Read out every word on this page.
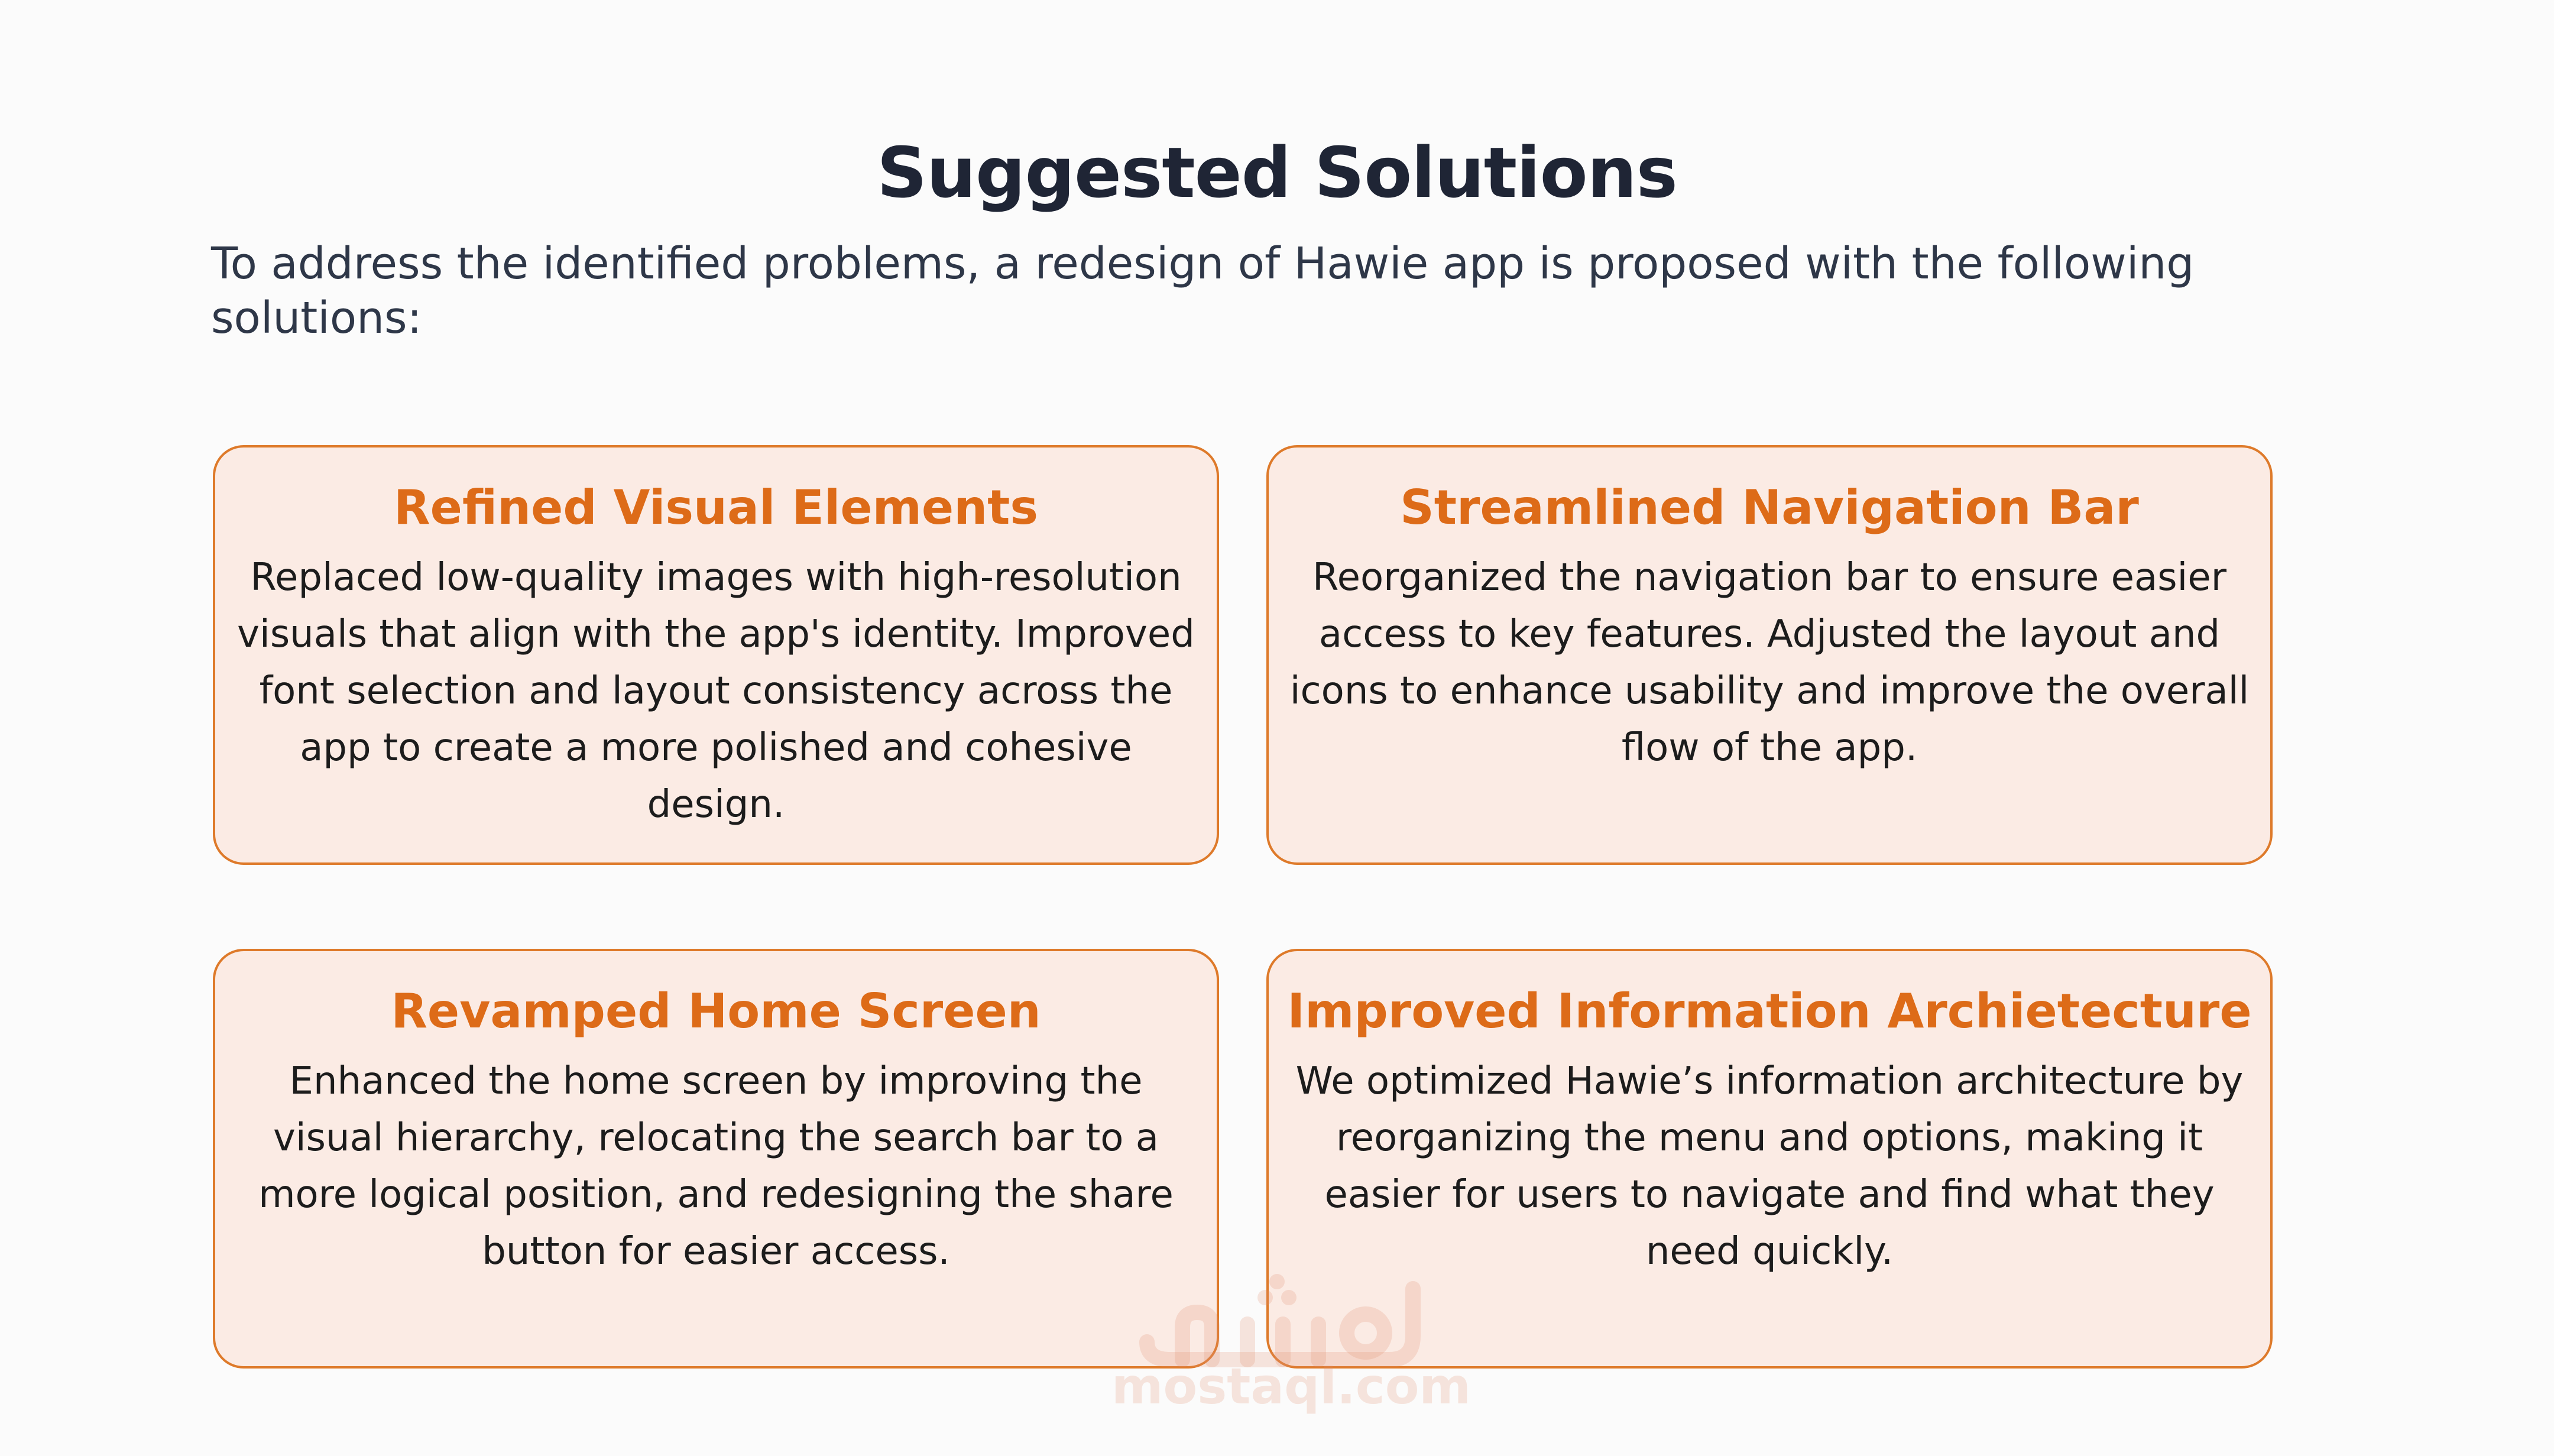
Suggested Solutions

To address the identified problems, a redesign of Hawie app is proposed with the following solutions:

Refined Visual Elements

Replaced low-quality images with high-resolution visuals that align with the app's identity. Improved font selection and layout consistency across the app to create a more polished and cohesive design.

Streamlined Navigation Bar

Reorganized the navigation bar to ensure easier access to key features. Adjusted the layout and icons to enhance usability and improve the overall flow of the app.

Revamped Home Screen

Enhanced the home screen by improving the visual hierarchy, relocating the search bar to a more logical position, and redesigning the share button for easier access.

Improved Information Archietecture

We optimized Hawie’s information architecture by reorganizing the menu and options, making it easier for users to navigate and find what they need quickly.

mostaql.com
